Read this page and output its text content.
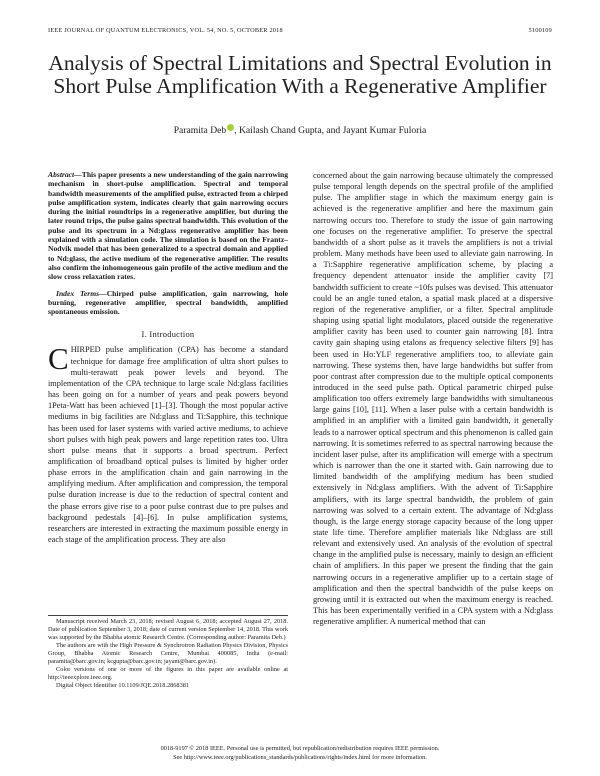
IEEE JOURNAL OF QUANTUM ELECTRONICS, VOL. 54, NO. 5, OCTOBER 2018	5100109
Analysis of Spectral Limitations and Spectral Evolution in Short Pulse Amplification With a Regenerative Amplifier
Paramita Deb , Kailash Chand Gupta, and Jayant Kumar Fuloria

Abstract—This paper presents a new understanding of the gain narrowing mechanism in short-pulse amplification. Spectral and temporal bandwidth measurements of the amplified pulse, extracted from a chirped pulse amplification system, indicates clearly that gain narrowing occurs during the initial roundtrips in a regenerative amplifier, but during the later round trips, the pulse gains spectral bandwidth. This evolution of the pulse and its spectrum in a Nd:glass regenerative amplifier has been explained with a simulation code. The simulation is based on the Frantz–Nodvik model that has been generalized to a spectral domain and applied to Nd:glass, the active medium of the regenerative amplifier. The results also confirm the inhomogeneous gain profile of the active medium and the slow cross relaxation rates.

Index Terms—Chirped pulse amplification, gain narrowing, hole burning, regenerative amplifier, spectral bandwidth, amplified spontaneous emission.

I. Introduction

CHIRPED pulse amplification (CPA) has become a standard technique for damage free amplification of ultra short pulses to multi-terawatt peak power levels and beyond. The implementation of the CPA technique to large scale Nd:glass facilities has been going on for a number of years and peak powers beyond 1Peta-Watt has been achieved [1]–[3]. Though the most popular active mediums in big facilities are Nd:glass and Ti:Sapphire, this technique has been used for laser systems with varied active mediums, to achieve short pulses with high peak powers and large repetition rates too. Ultra short pulse means that it supports a broad spectrum. Perfect amplification of broadband optical pulses is limited by higher order phase errors in the amplification chain and gain narrowing in the amplifying medium. After amplification and compression, the temporal pulse duration increase is due to the reduction of spectral content and the phase errors give rise to a poor pulse contrast due to pre pulses and background pedestals [4]–[6]. In pulse amplification systems, researchers are interested in extracting the maximum possible energy in each stage of the amplification process. They are also

Manuscript received March 23, 2018; revised August 6, 2018; accepted August 27, 2018. Date of publication September 3, 2018; date of current version September 14, 2018. This work was supported by the Bhabha atomic Research Centre. (Corresponding author: Paramita Deb.)

The authors are with the High Pressure & Synchrotron Radiation Physics Division, Physics Group, Bhabha Atomic Research Centre, Mumbai 400085, India (e-mail: paramita@barc.gov.in; kcgupta@barc.gov.in; jayant@barc.gov.in).

Color versions of one or more of the figures in this paper are available online at http://ieeexplore.ieee.org.

Digital Object Identifier 10.1109/JQE.2018.2868381

concerned about the gain narrowing because ultimately the compressed pulse temporal length depends on the spectral profile of the amplified pulse. The amplifier stage in which the maximum energy gain is achieved is the regenerative amplifier and here the maximum gain narrowing occurs too. Therefore to study the issue of gain narrowing one focuses on the regenerative amplifier. To preserve the spectral bandwidth of a short pulse as it travels the amplifiers is not a trivial problem. Many methods have been used to alleviate gain narrowing. In a Ti:Sapphire regenerative amplification scheme, by placing a frequency dependent attenuator inside the amplifier cavity [7] bandwidth sufficient to create ~10fs pulses was devised. This attenuator could be an angle tuned etalon, a spatial mask placed at a dispersive region of the regenerative amplifier, or a filter. Spectral amplitude shaping using spatial light modulators, placed outside the regenerative amplifier cavity has been used to counter gain narrowing [8]. Intra cavity gain shaping using etalons as frequency selective filters [9] has been used in Ho:YLF regenerative amplifiers too, to alleviate gain narrowing. These systems then, have large bandwidths but suffer from poor contrast after compression due to the multiple optical components introduced in the seed pulse path. Optical parametric chirped pulse amplification too offers extremely large bandwidths with simultaneous large gains [10], [11]. When a laser pulse with a certain bandwidth is amplified in an amplifier with a limited gain bandwidth, it generally leads to a narrower optical spectrum and this phenomenon is called gain narrowing. It is sometimes referred to as spectral narrowing because the incident laser pulse, after its amplification will emerge with a spectrum which is narrower than the one it started with. Gain narrowing due to limited bandwidth of the amplifying medium has been studied extensively in Nd:glass amplifiers. With the advent of Ti:Sapphire amplifiers, with its large spectral bandwidth, the problem of gain narrowing was solved to a certain extent. The advantage of Nd:glass though, is the large energy storage capacity because of the long upper state life time. Therefore amplifier materials like Nd:glass are still relevant and extensively used. An analysis of the evolution of spectral change in the amplified pulse is necessary, mainly to design an efficient chain of amplifiers. In this paper we present the finding that the gain narrowing occurs in a regenerative amplifier up to a certain stage of amplification and then the spectral bandwidth of the pulse keeps on growing until it is extracted out when the maximum energy is reached. This has been experimentally verified in a CPA system with a Nd:glass regenerative amplifier. A numerical method that can

0018-9197 © 2018 IEEE. Personal use is permitted, but republication/redistribution requires IEEE permission.
See http://www.ieee.org/publications_standards/publications/rights/index.html for more information.
